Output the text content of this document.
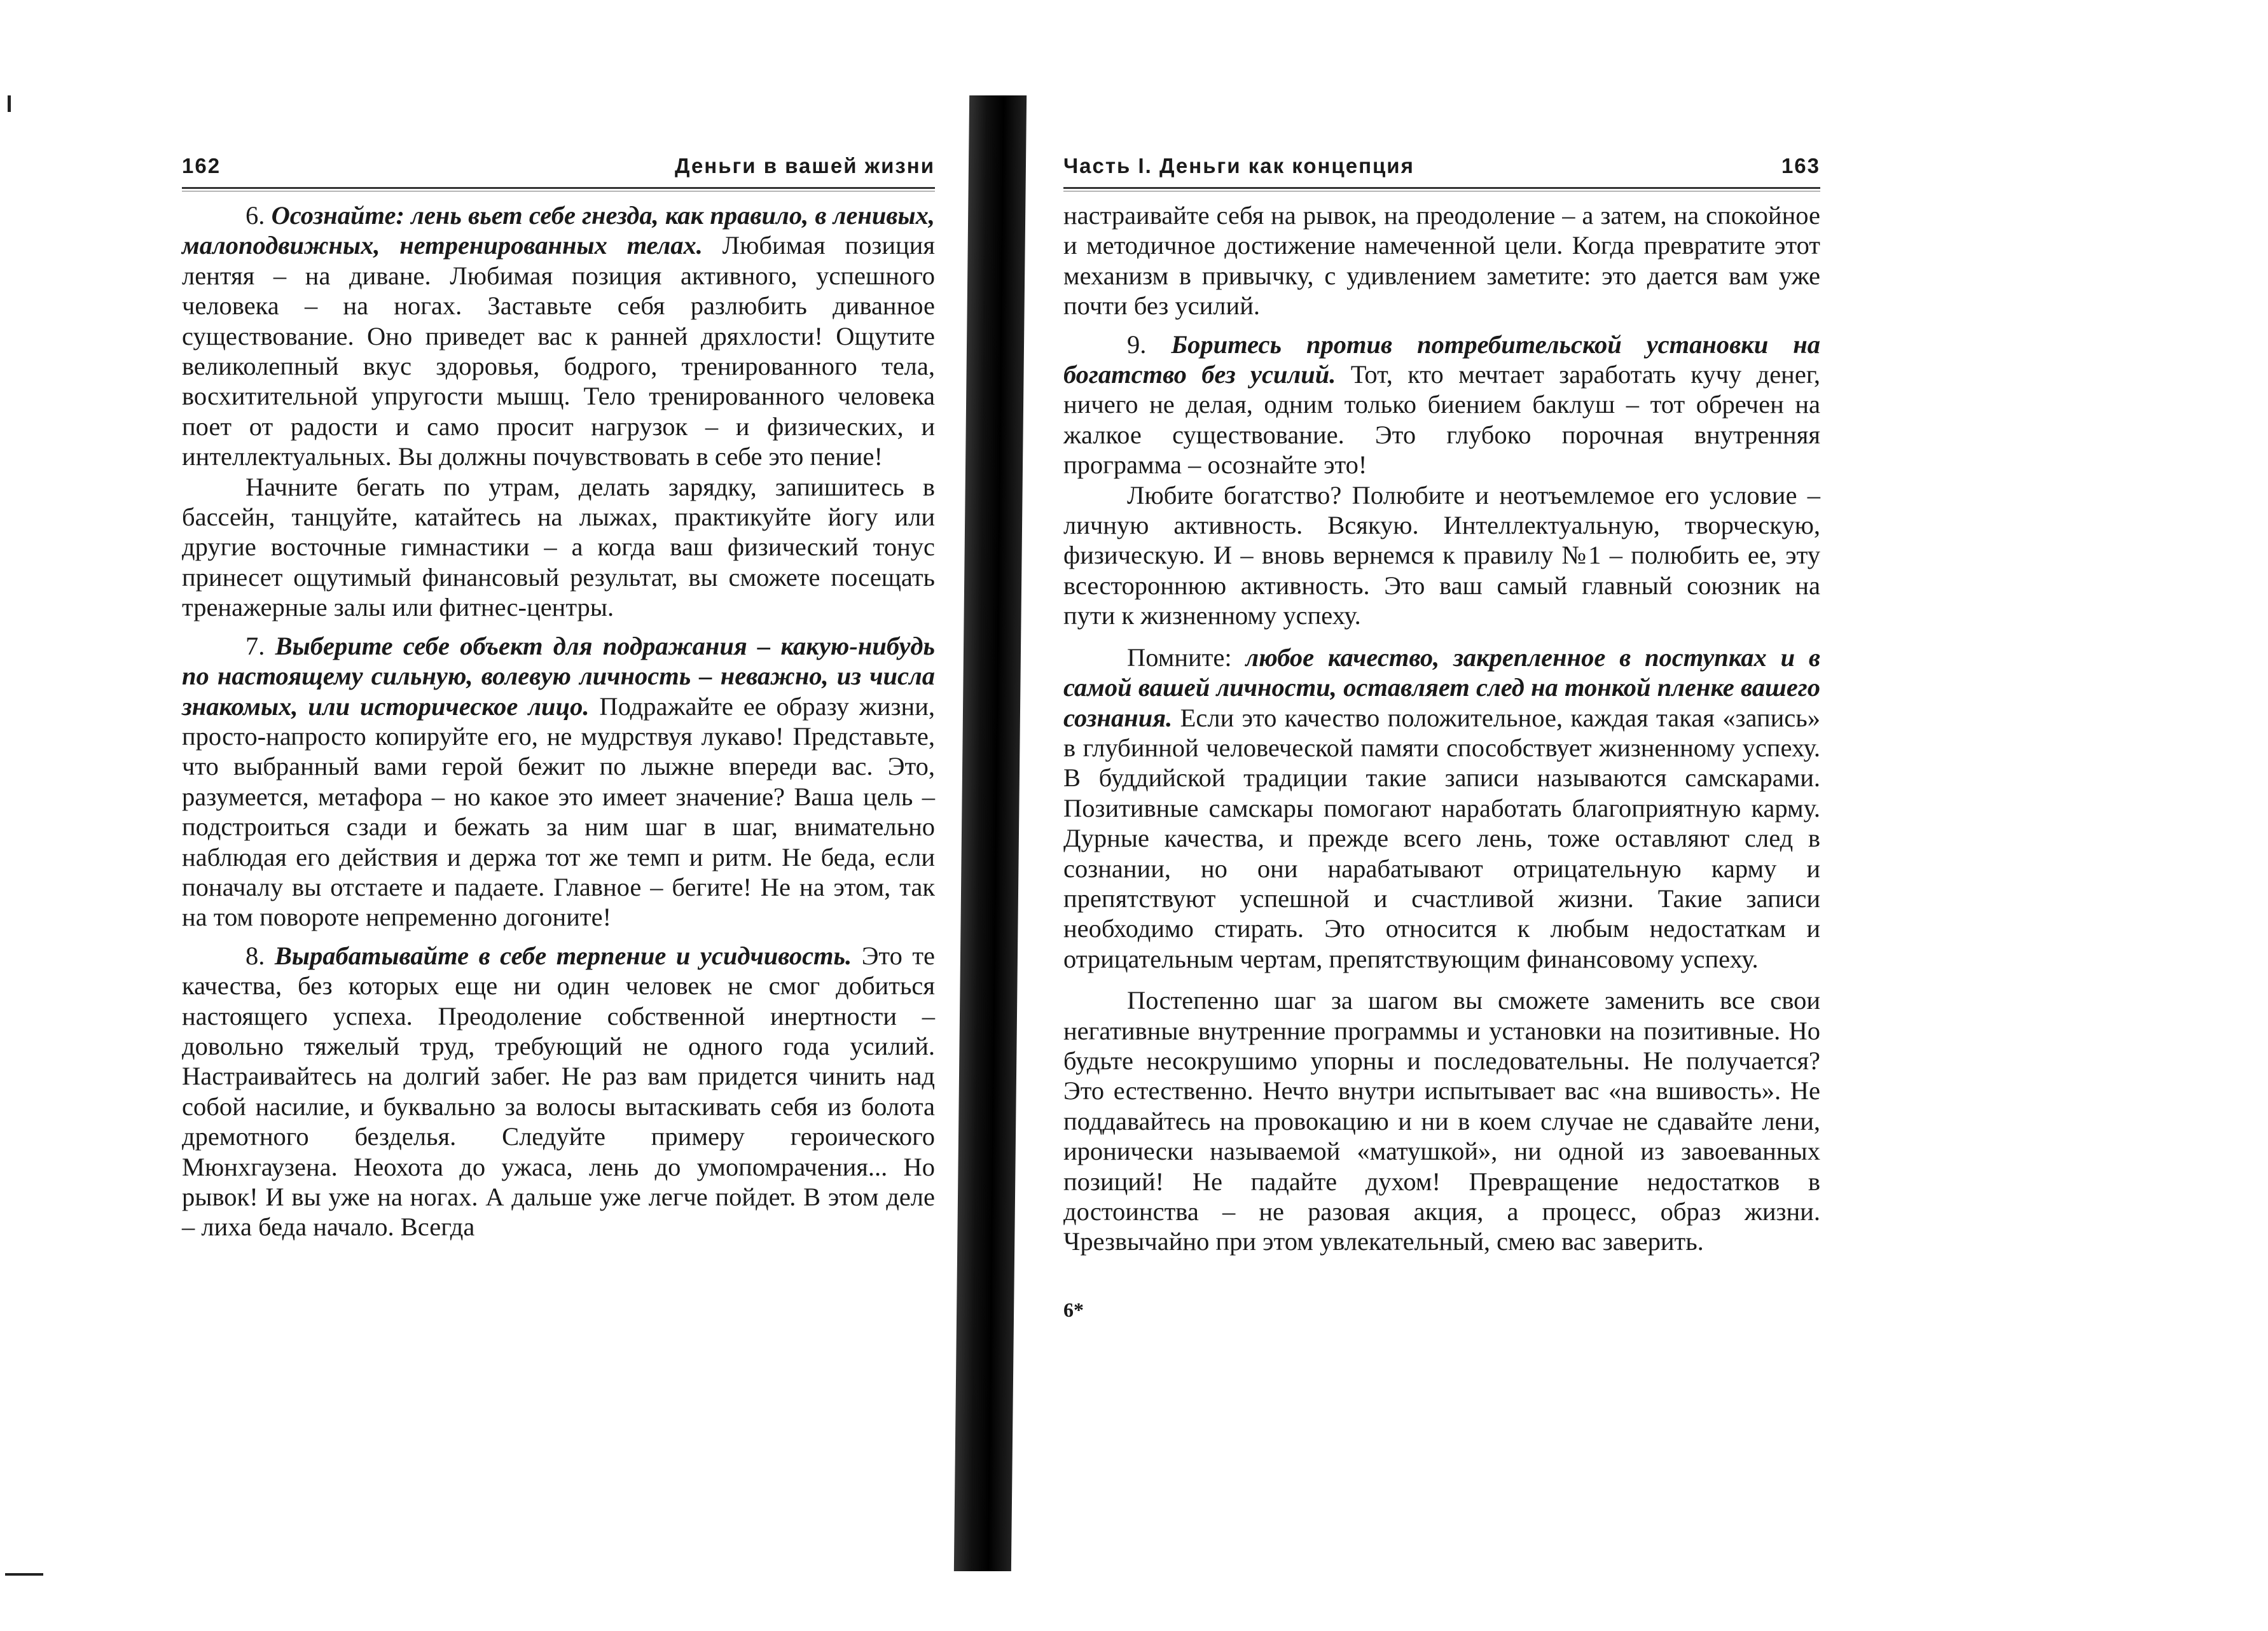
162	Деньги в вашей жизни

6. Осознайте: лень вьет себе гнезда, как правило, в ленивых, малоподвижных, нетренированных телах. Любимая позиция лентяя – на диване. Любимая позиция активного, успешного человека – на ногах. Заставьте себя разлюбить диванное существование. Оно приведет вас к ранней дряхлости! Ощутите великолепный вкус здоровья, бодрого, тренированного тела, восхитительной упругости мышц. Тело тренированного человека поет от радости и само просит нагрузок – и физических, и интеллектуальных. Вы должны почувствовать в себе это пение!

Начните бегать по утрам, делать зарядку, запишитесь в бассейн, танцуйте, катайтесь на лыжах, практикуйте йогу или другие восточные гимнастики – а когда ваш физический тонус принесет ощутимый финансовый результат, вы сможете посещать тренажерные залы или фитнес-центры.

7. Выберите себе объект для подражания – какую-нибудь по настоящему сильную, волевую личность – неважно, из числа знакомых, или историческое лицо. Подражайте ее образу жизни, просто-напросто копируйте его, не мудрствуя лукаво! Представьте, что выбранный вами герой бежит по лыжне впереди вас. Это, разумеется, метафора – но какое это имеет значение? Ваша цель – подстроиться сзади и бежать за ним шаг в шаг, внимательно наблюдая его действия и держа тот же темп и ритм. Не беда, если поначалу вы отстаете и падаете. Главное – бегите! Не на этом, так на том повороте непременно догоните!

8. Вырабатывайте в себе терпение и усидчивость. Это те качества, без которых еще ни один человек не смог добиться настоящего успеха. Преодоление собственной инертности – довольно тяжелый труд, требующий не одного года усилий. Настраивайтесь на долгий забег. Не раз вам придется чинить над собой насилие, и буквально за волосы вытаскивать себя из болота дремотного безделья. Следуйте примеру героического Мюнхгаузена. Неохота до ужаса, лень до умопомрачения... Но рывок! И вы уже на ногах. А дальше уже легче пойдет. В этом деле – лиха беда начало. Всегда

Часть I. Деньги как концепция	163

настраивайте себя на рывок, на преодоление – а затем, на спокойное и методичное достижение намеченной цели. Когда превратите этот механизм в привычку, с удивлением заметите: это дается вам уже почти без усилий.

9. Боритесь против потребительской установки на богатство без усилий. Тот, кто мечтает заработать кучу денег, ничего не делая, одним только биением баклуш – тот обречен на жалкое существование. Это глубоко порочная внутренняя программа – осознайте это!

Любите богатство? Полюбите и неотъемлемое его условие – личную активность. Всякую. Интеллектуальную, творческую, физическую. И – вновь вернемся к правилу №1 – полюбить ее, эту всестороннюю активность. Это ваш самый главный союзник на пути к жизненному успеху.

Помните: любое качество, закрепленное в поступках и в самой вашей личности, оставляет след на тонкой пленке вашего сознания. Если это качество положительное, каждая такая «запись» в глубинной человеческой памяти способствует жизненному успеху. В буддийской традиции такие записи называются самскарами. Позитивные самскары помогают наработать благоприятную карму. Дурные качества, и прежде всего лень, тоже оставляют след в сознании, но они нарабатывают отрицательную карму и препятствуют успешной и счастливой жизни. Такие записи необходимо стирать. Это относится к любым недостаткам и отрицательным чертам, препятствующим финансовому успеху.

Постепенно шаг за шагом вы сможете заменить все свои негативные внутренние программы и установки на позитивные. Но будьте несокрушимо упорны и последовательны. Не получается? Это естественно. Нечто внутри испытывает вас «на вшивость». Не поддавайтесь на провокацию и ни в коем случае не сдавайте лени, иронически называемой «матушкой», ни одной из завоеванных позиций! Не падайте духом! Превращение недостатков в достоинства – не разовая акция, а процесс, образ жизни. Чрезвычайно при этом увлекательный, смею вас заверить.

6*
